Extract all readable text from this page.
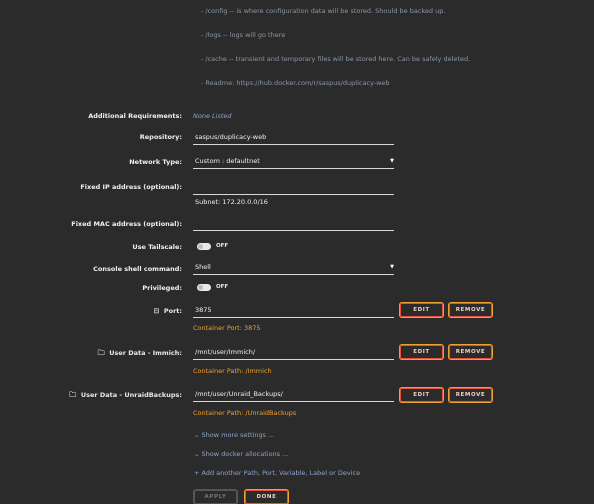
- /config -- is where configuration data will be stored. Should be backed up.
- /logs -- logs will go there
- /cache -- transient and temporary files will be stored here. Can be safely deleted.
- Readme: https://hub.docker.com/r/saspus/duplicacy-web
Additional Requirements: None Listed
Repository: saspus/duplicacy-web
Network Type: Custom : defaultnet	▼
Fixed IP address (optional):
Subnet: 172.20.0.0/16
Fixed MAC address (optional):
Use Tailscale:	OFF
Console shell command: Shell	▼
Privileged:	OFF
⊟ Port: 3875	EDIT	REMOVE
Container Port: 3875
🗀 User Data - Immich: /mnt/user/Immich/	EDIT	REMOVE
Container Path: /Immich
🗀 User Data - UnraidBackups: /mnt/user/Unraid_Backups/	EDIT	REMOVE
Container Path: /UnraidBackups
⌄ Show more settings ...
⌄ Show docker allocations ...
+ Add another Path, Port, Variable, Label or Device
APPLY	DONE
